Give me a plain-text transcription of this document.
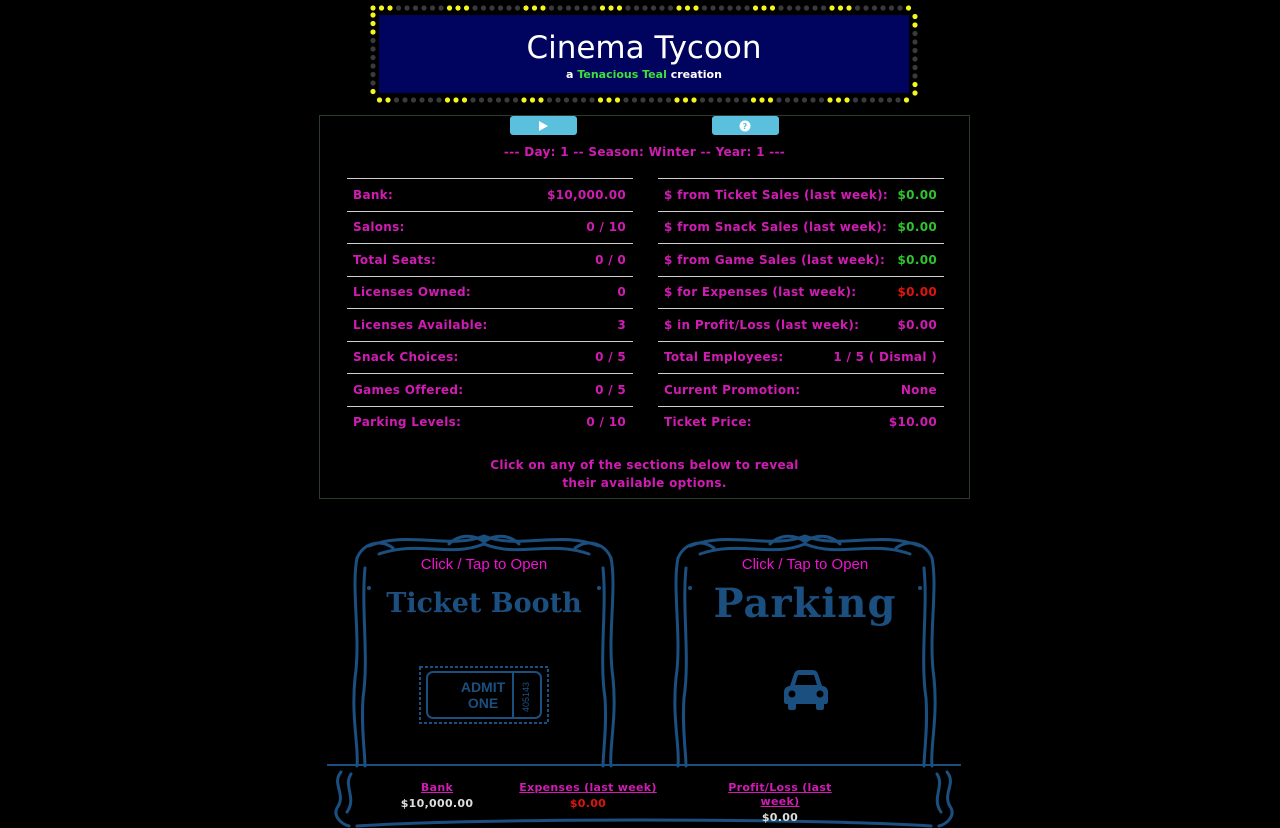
Cinema Tycoon
a Tenacious Teal creation
?
--- Day: 1 -- Season: Winter -- Year: 1 ---
Bank:	$10,000.00
Salons:	0 / 10
Total Seats:	0 / 0
Licenses Owned:	0
Licenses Available:	3
Snack Choices:	0 / 5
Games Offered:	0 / 5
Parking Levels:	0 / 10
$ from Ticket Sales (last week): $0.00
$ from Snack Sales (last week): $0.00
$ from Game Sales (last week): $0.00
$ for Expenses (last week):	$0.00
$ in Profit/Loss (last week):	$0.00
Total Employees:	1 / 5 ( Dismal )
Current Promotion:	None
Ticket Price:	$10.00
Click on any of the sections below to reveal
their available options.
Click / Tap to Open
Ticket Booth
ADMIT
ONE	405143
Click / Tap to Open
Parking
Bank
$10,000.00
Expenses (last week)
$0.00
Profit/Loss (last week)
$0.00
